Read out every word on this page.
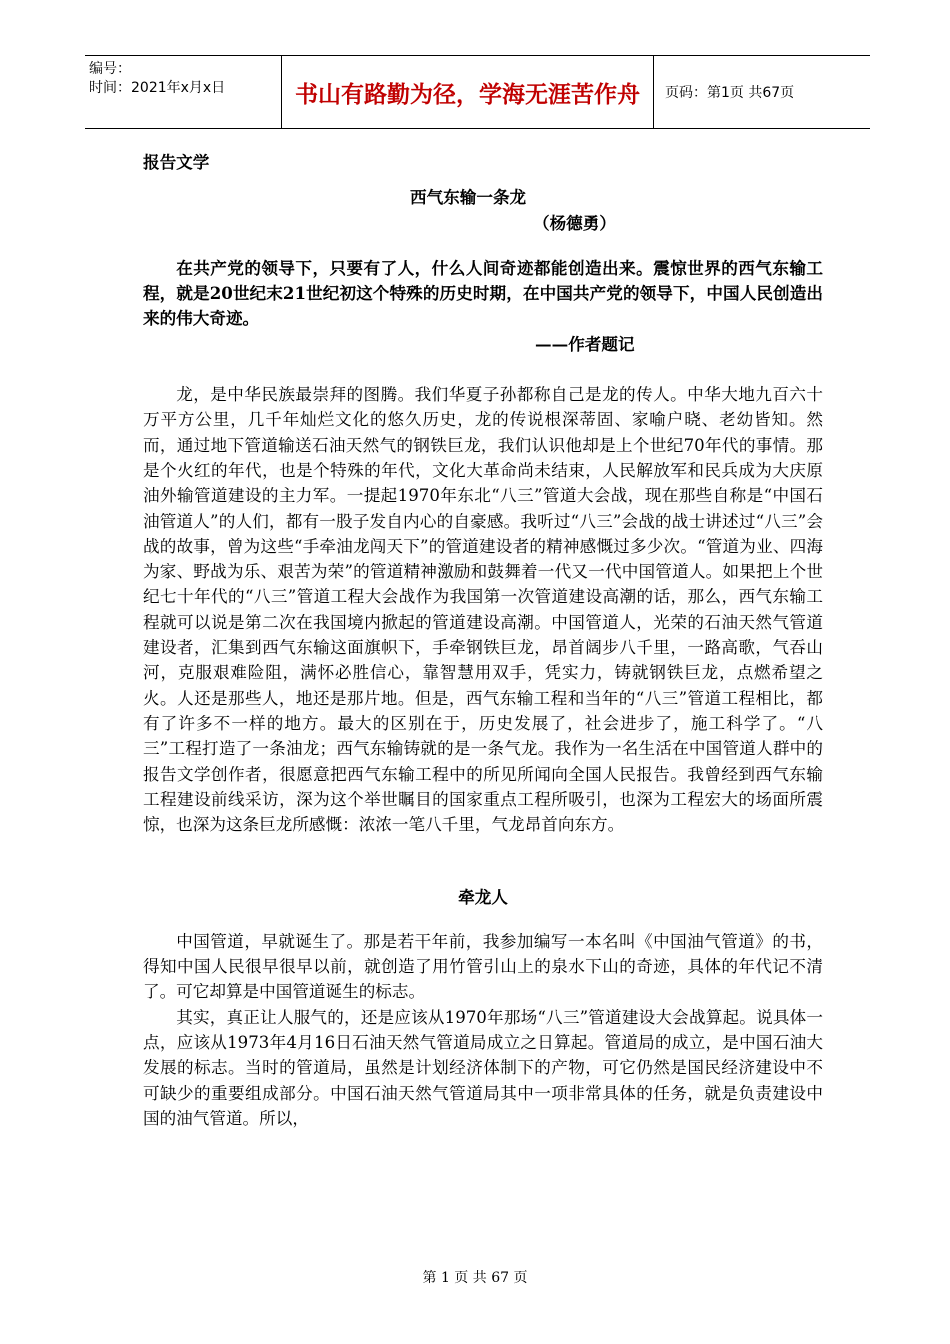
编号：
时间：2021年x月x日	书山有路勤为径，学海无涯苦作舟	页码：第1页 共67页

报告文学

西气东输一条龙

（杨德勇）

在共产党的领导下，只要有了人，什么人间奇迹都能创造出来。震惊世界的西气东输工程，就是20世纪末21世纪初这个特殊的历史时期，在中国共产党的领导下，中国人民创造出来的伟大奇迹。

——作者题记

龙，是中华民族最崇拜的图腾。我们华夏子孙都称自己是龙的传人。中华大地九百六十万平方公里，几千年灿烂文化的悠久历史，龙的传说根深蒂固、家喻户晓、老幼皆知。然而，通过地下管道输送石油天然气的钢铁巨龙，我们认识他却是上个世纪70年代的事情。那是个火红的年代，也是个特殊的年代，文化大革命尚未结束，人民解放军和民兵成为大庆原油外输管道建设的主力军。一提起1970年东北“八三”管道大会战，现在那些自称是“中国石油管道人”的人们，都有一股子发自内心的自豪感。我听过“八三”会战的战士讲述过“八三”会战的故事，曾为这些“手牵油龙闯天下”的管道建设者的精神感慨过多少次。“管道为业、四海为家、野战为乐、艰苦为荣”的管道精神激励和鼓舞着一代又一代中国管道人。如果把上个世纪七十年代的“八三”管道工程大会战作为我国第一次管道建设高潮的话，那么，西气东输工程就可以说是第二次在我国境内掀起的管道建设高潮。中国管道人，光荣的石油天然气管道建设者，汇集到西气东输这面旗帜下，手牵钢铁巨龙，昂首阔步八千里，一路高歌，气吞山河，克服艰难险阻，满怀必胜信心，靠智慧用双手，凭实力，铸就钢铁巨龙，点燃希望之火。人还是那些人，地还是那片地。但是，西气东输工程和当年的“八三”管道工程相比，都有了许多不一样的地方。最大的区别在于，历史发展了，社会进步了，施工科学了。“八三”工程打造了一条油龙；西气东输铸就的是一条气龙。我作为一名生活在中国管道人群中的报告文学创作者，很愿意把西气东输工程中的所见所闻向全国人民报告。我曾经到西气东输工程建设前线采访，深为这个举世瞩目的国家重点工程所吸引，也深为工程宏大的场面所震惊，也深为这条巨龙所感慨：浓浓一笔八千里，气龙昂首向东方。

牵龙人

中国管道，早就诞生了。那是若干年前，我参加编写一本名叫《中国油气管道》的书，得知中国人民很早很早以前，就创造了用竹管引山上的泉水下山的奇迹，具体的年代记不清了。可它却算是中国管道诞生的标志。

其实，真正让人服气的，还是应该从1970年那场“八三”管道建设大会战算起。说具体一点，应该从1973年4月16日石油天然气管道局成立之日算起。管道局的成立，是中国石油大发展的标志。当时的管道局，虽然是计划经济体制下的产物，可它仍然是国民经济建设中不可缺少的重要组成部分。中国石油天然气管道局其中一项非常具体的任务，就是负责建设中国的油气管道。所以，

第 1 页 共 67 页
